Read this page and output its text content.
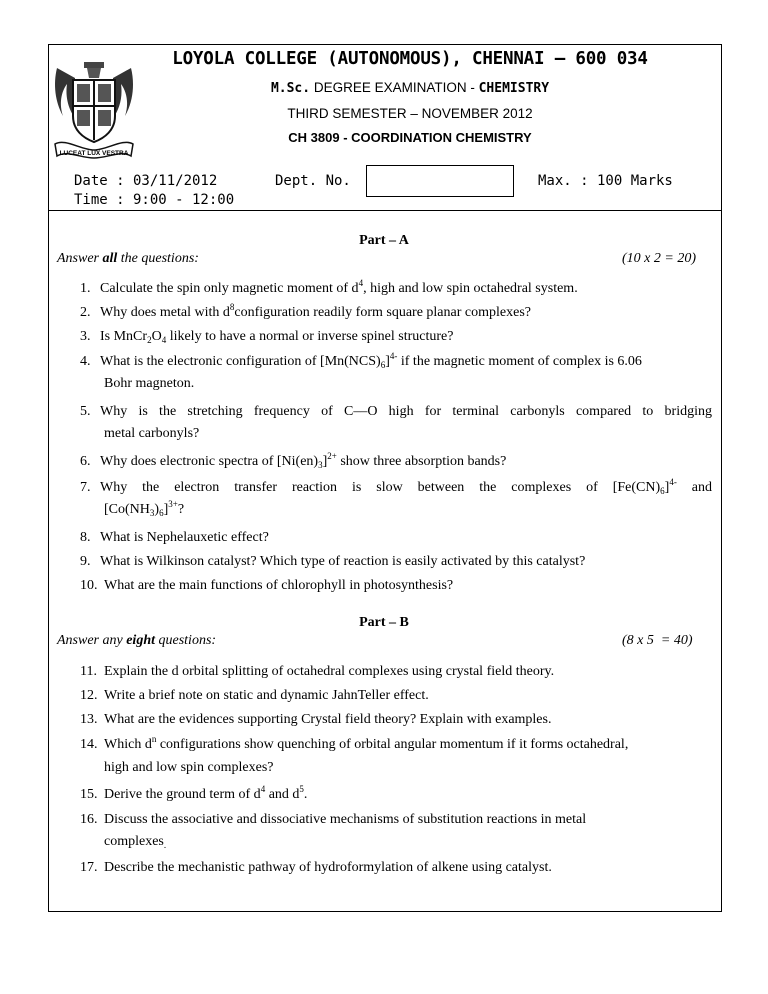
LUCEAT LUX VESTRA
LOYOLA COLLEGE (AUTONOMOUS), CHENNAI – 600 034
M.Sc. DEGREE EXAMINATION - CHEMISTRY
THIRD SEMESTER – NOVEMBER 2012
CH 3809 - COORDINATION CHEMISTRY
Date : 03/11/2012
Time : 9:00 - 12:00
Dept. No.	Max. : 100 Marks
Part – A
Answer all the questions:	(10 x 2 = 20)
1. Calculate the spin only magnetic moment of $d^4$, high and low spin octahedral system.
2. Why does metal with $d^8configuration$ readily form square planar complexes?
3. Is $MnCr_2O_4$ likely to have a normal or inverse spinel structure?
4. What is the electronic configuration of $[Mn(NCS)_6]^{4-}$ if the magnetic moment of complex is 6.06
Bohr magneton.
5. Why is the stretching frequency of C––O high for terminal carbonyls compared to bridging
metal carbonyls?
6. Why does electronic spectra of $[Ni(en)_3]^{2+}$ show three absorption bands?
7. Why the electron transfer reaction is slow between the complexes of $[Fe(CN)_6]^{4-}$ and
$[Co(NH_3)_6]^{3+}$?
8. What is Nephelauxetic effect?
9. What is Wilkinson catalyst? Which type of reaction is easily activated by this catalyst?
10. What are the main functions of chlorophyll in photosynthesis?
Part – B
Answer any eight questions:	(8 x 5  = 40)
11. Explain the d orbital splitting of octahedral complexes using crystal field theory.
12. Write a brief note on static and dynamic JahnTeller effect.
13. What are the evidences supporting Crystal field theory? Explain with examples.
14. Which $d^n$ configurations show quenching of orbital angular momentum if it forms octahedral,
high and low spin complexes?
15. Derive the ground term of $d^4$ and $d^5$.
16. Discuss the associative and dissociative mechanisms of substitution reactions in metal
complexes$_.$
17. Describe the mechanistic pathway of hydroformylation of alkene using catalyst.
